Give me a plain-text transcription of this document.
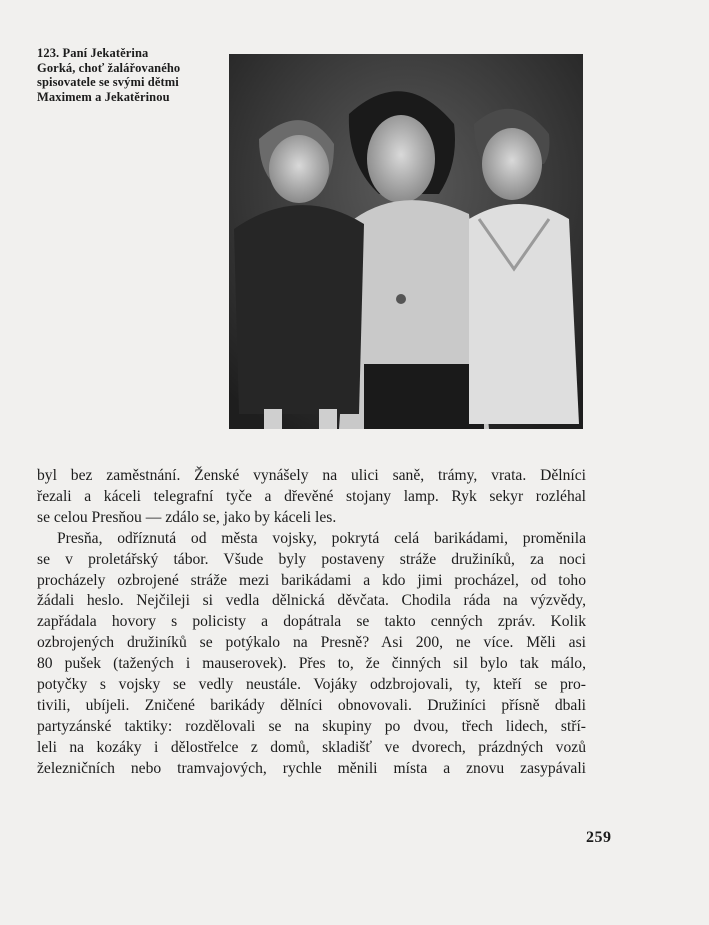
123. Paní Jekatěrina
Gorká, choť žalářovaného
spisovatele se svými dětmi
Maximem a Jekatěrinou
byl bez zaměstnání. Ženské vynášely na ulici saně, trámy, vrata. Dělníci
řezali a káceli telegrafní tyče a dřevěné stojany lamp. Ryk sekyr rozléhal
se celou Presňou — zdálo se, jako by káceli les.
Presňa, odříznutá od města vojsky, pokrytá celá barikádami, proměnila
se v proletářský tábor. Všude byly postaveny stráže družiníků, za noci
procházely ozbrojené stráže mezi barikádami a kdo jimi procházel, od toho
žádali heslo. Nejčileji si vedla dělnická děvčata. Chodila ráda na výzvědy,
zapřádala hovory s policisty a dopátrala se takto cenných zpráv. Kolik
ozbrojených družiníků se potýkalo na Presně? Asi 200, ne více. Měli asi
80 pušek (tažených i mauserovek). Přes to, že činných sil bylo tak málo,
potyčky s vojsky se vedly neustále. Vojáky odzbrojovali, ty, kteří se pro-
tivili, ubíjeli. Zničené barikády dělníci obnovovali. Družiníci přísně dbali
partyzánské taktiky: rozdělovali se na skupiny po dvou, třech lidech, stří-
leli na kozáky i dělostřelce z domů, skladišť ve dvorech, prázdných vozů
železničních nebo tramvajových, rychle měnili místa a znovu zasypávali
259
